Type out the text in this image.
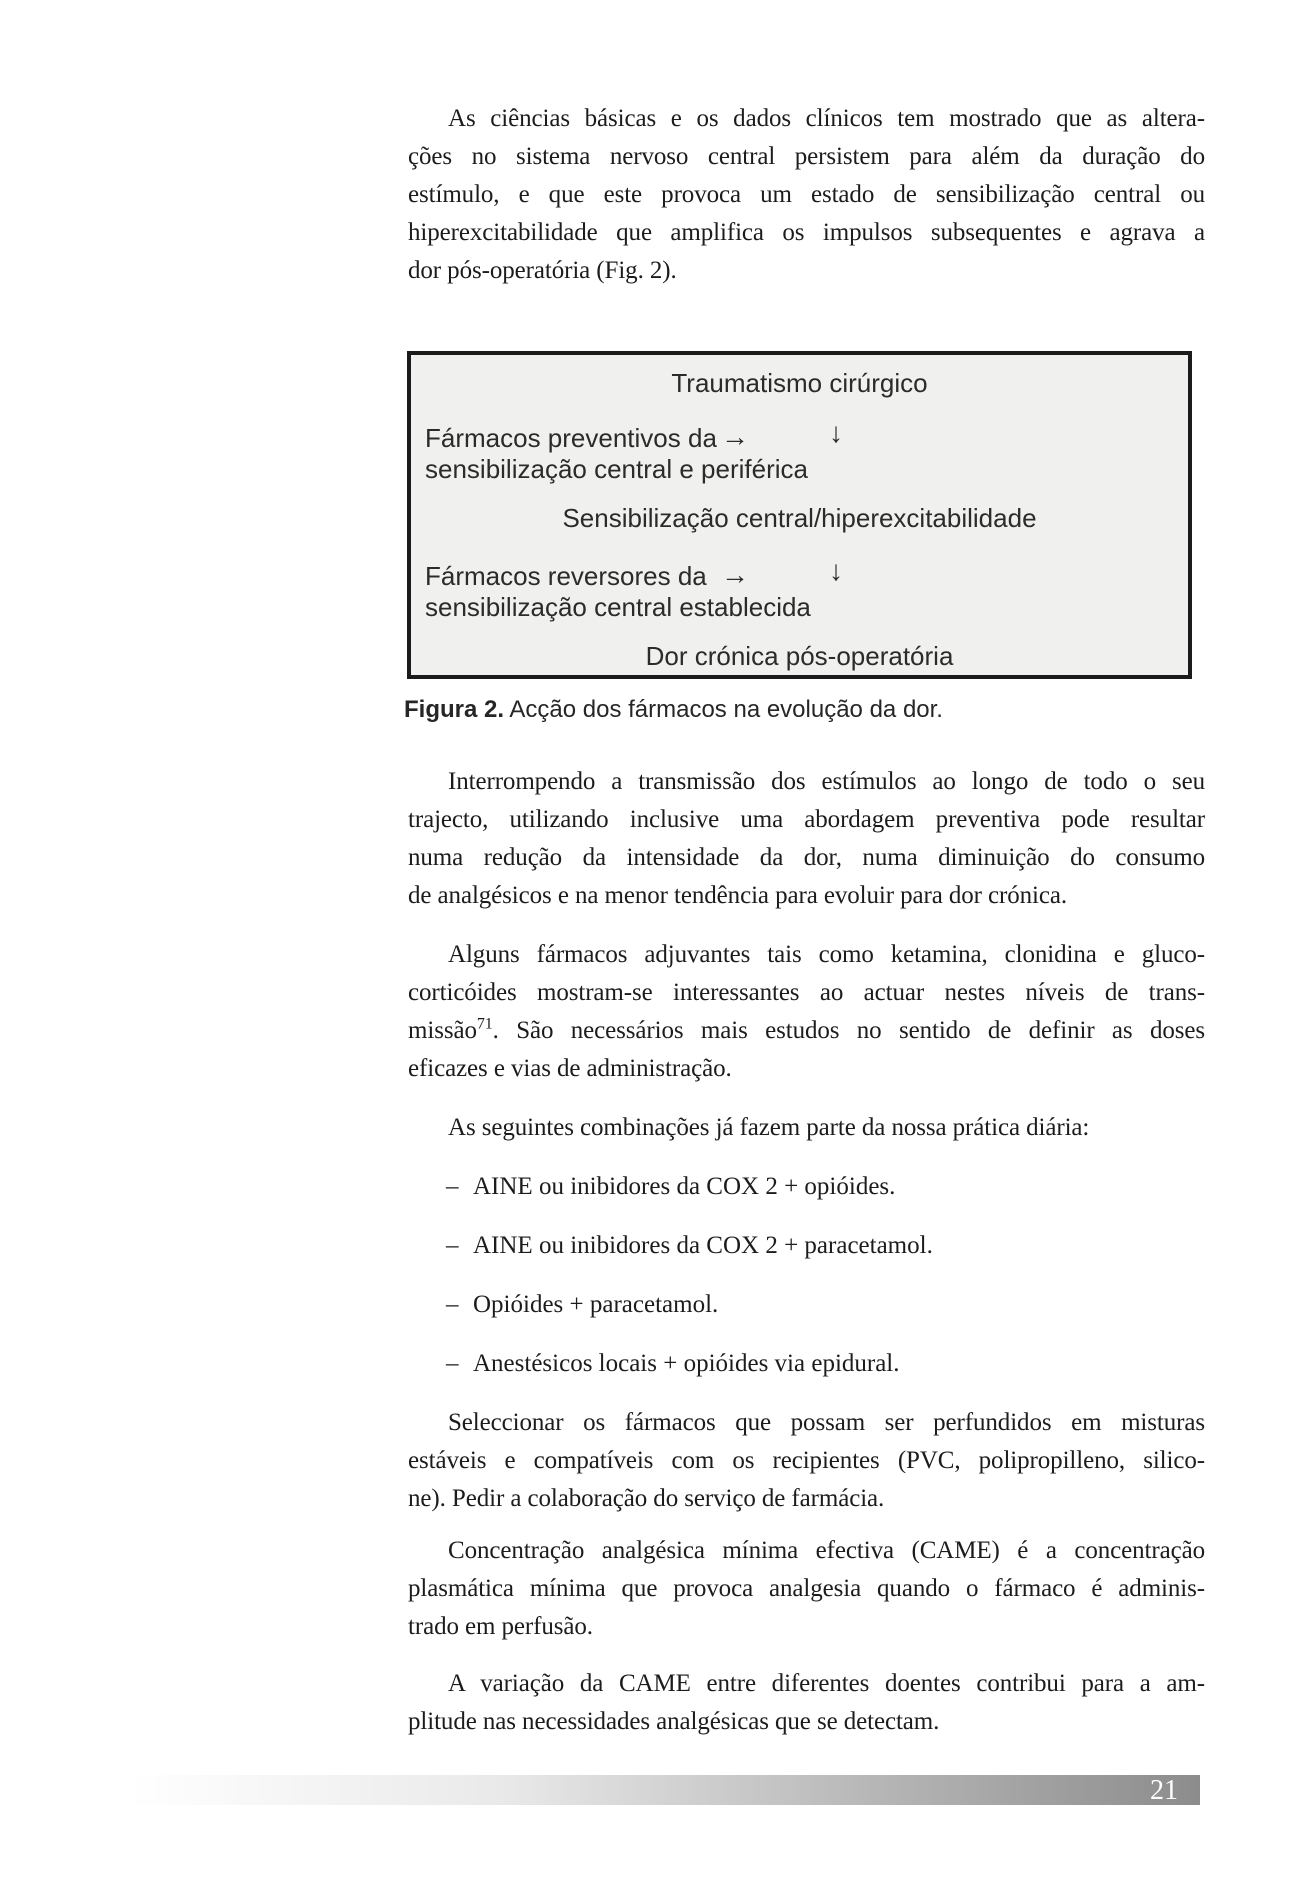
As ciências básicas e os dados clínicos tem mostrado que as altera-
ções no sistema nervoso central persistem para além da duração do
estímulo, e que este provoca um estado de sensibilização central ou
hiperexcitabilidade que amplifica os impulsos subsequentes e agrava a
dor pós-operatória (Fig. 2).
Traumatismo cirúrgico
Fármacos preventivos da
sensibilização central e periférica
→	↓
Sensibilização central/hiperexcitabilidade
Fármacos reversores da
sensibilização central establecida
→	↓
Dor crónica pós-operatória
Figura 2. Acção dos fármacos na evolução da dor.
Interrompendo a transmissão dos estímulos ao longo de todo o seu
trajecto, utilizando inclusive uma abordagem preventiva pode resultar
numa redução da intensidade da dor, numa diminuição do consumo
de analgésicos e na menor tendência para evoluir para dor crónica.
Alguns fármacos adjuvantes tais como ketamina, clonidina e gluco-
corticóides mostram-se interessantes ao actuar nestes níveis de trans-
missão$^{71}$. São necessários mais estudos no sentido de definir as doses
eficazes e vias de administração.
As seguintes combinações já fazem parte da nossa prática diária:
– AINE ou inibidores da COX 2 + opióides.
– AINE ou inibidores da COX 2 + paracetamol.
– Opióides + paracetamol.
– Anestésicos locais + opióides via epidural.
Seleccionar os fármacos que possam ser perfundidos em misturas
estáveis e compatíveis com os recipientes (PVC, polipropilleno, silico-
ne). Pedir a colaboração do serviço de farmácia.
Concentração analgésica mínima efectiva (CAME) é a concentração
plasmática mínima que provoca analgesia quando o fármaco é adminis-
trado em perfusão.
A variação da CAME entre diferentes doentes contribui para a am-
plitude nas necessidades analgésicas que se detectam.
21
